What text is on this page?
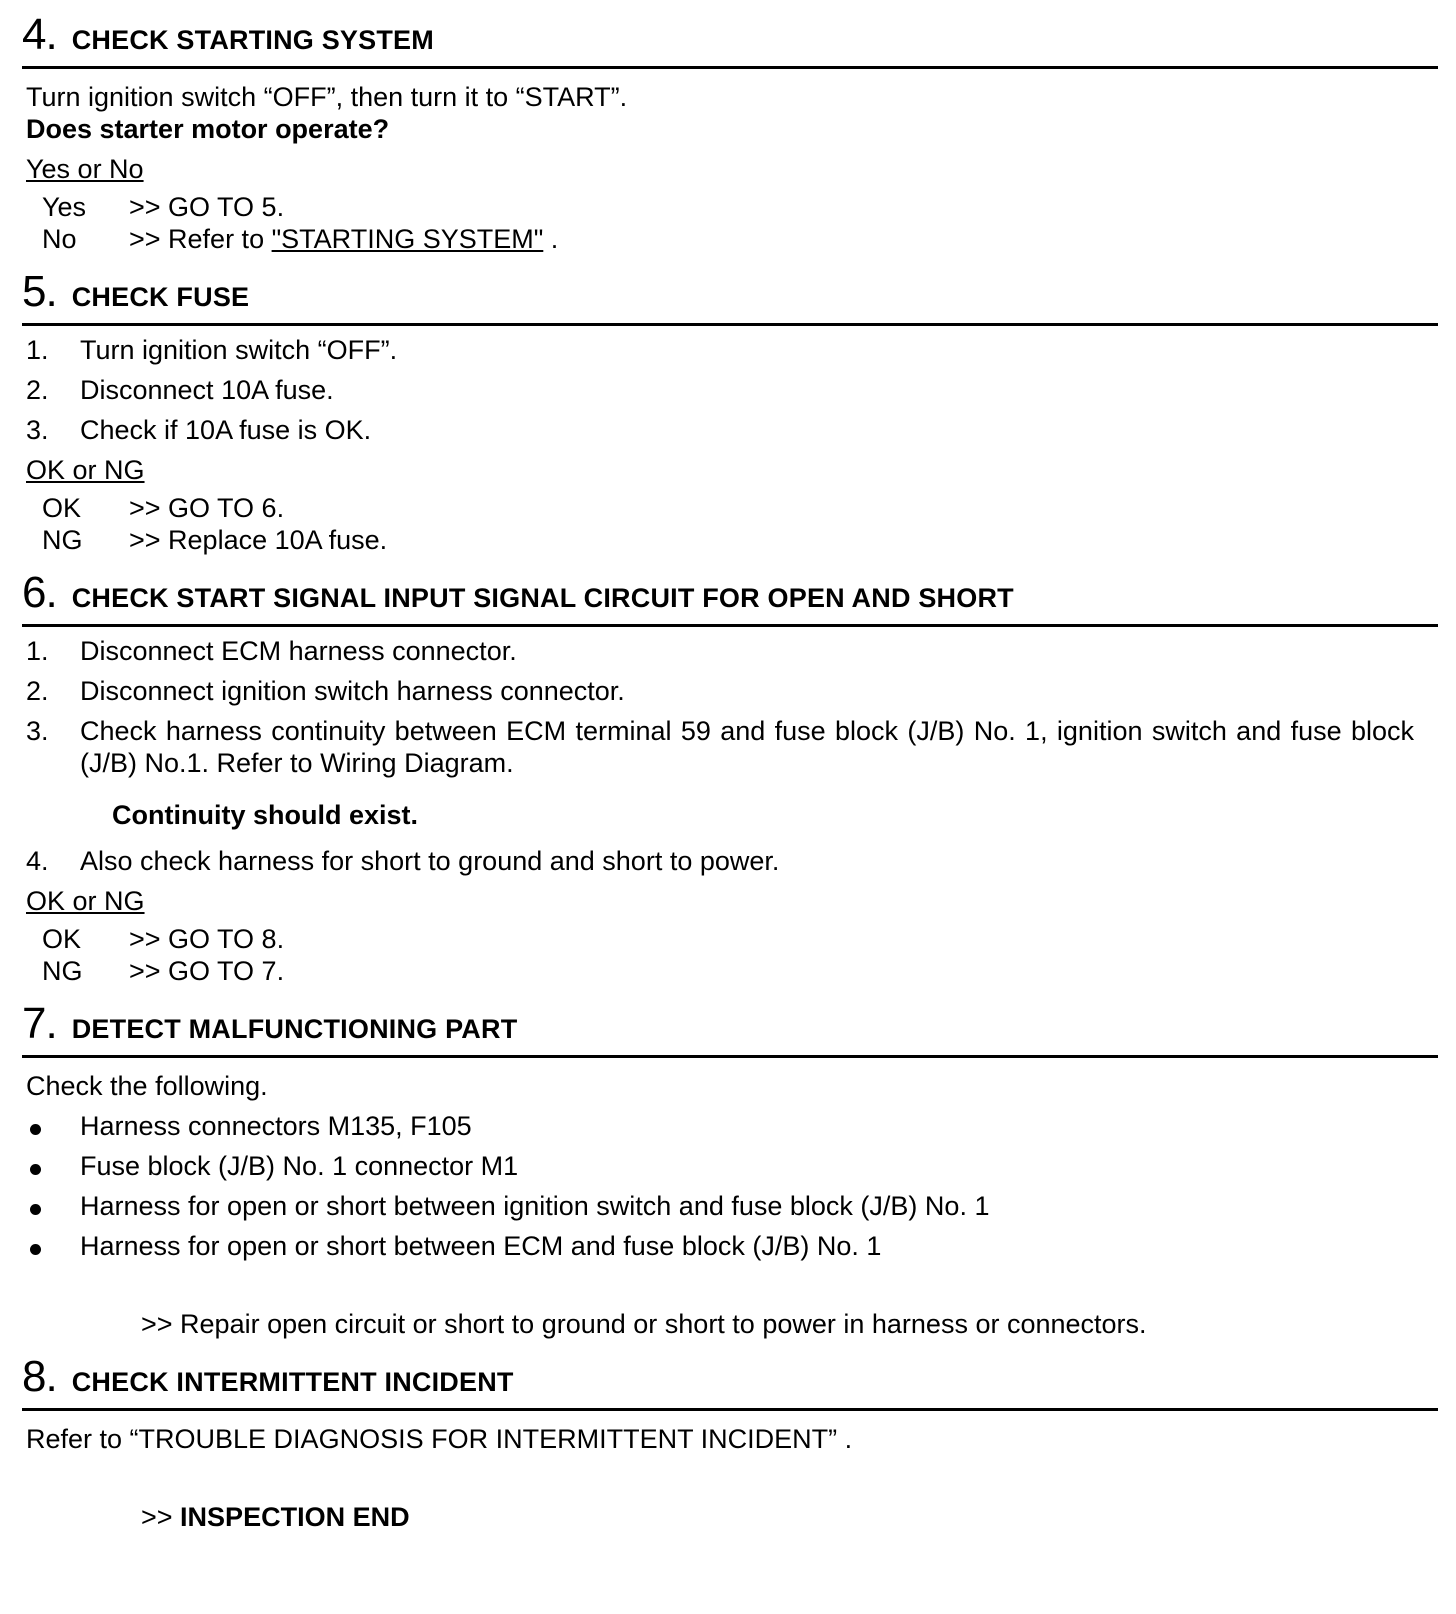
4 . CHECK STARTING SYSTEM
Turn ignition switch “OFF”, then turn it to “START”.
Does starter motor operate?
Yes or No
Yes	>> GO TO 5.
No	>> Refer to "STARTING SYSTEM" .
5 . CHECK FUSE
1.	Turn ignition switch “OFF”.
2.	Disconnect 10A fuse.
3.	Check if 10A fuse is OK.
OK or NG
OK	>> GO TO 6.
NG	>> Replace 10A fuse.
6 . CHECK START SIGNAL INPUT SIGNAL CIRCUIT FOR OPEN AND SHORT
1.	Disconnect ECM harness connector.
2.	Disconnect ignition switch harness connector.
3.	Check harness continuity between ECM terminal 59 and fuse block (J/B) No. 1, ignition switch and fuse block (J/B) No.1. Refer to Wiring Diagram.
Continuity should exist.
4.	Also check harness for short to ground and short to power.
OK or NG
OK	>> GO TO 8.
NG	>> GO TO 7.
7 . DETECT MALFUNCTIONING PART
Check the following.
Harness connectors M135, F105
Fuse block (J/B) No. 1 connector M1
Harness for open or short between ignition switch and fuse block (J/B) No. 1
Harness for open or short between ECM and fuse block (J/B) No. 1
>> Repair open circuit or short to ground or short to power in harness or connectors.
8 . CHECK INTERMITTENT INCIDENT
Refer to “TROUBLE DIAGNOSIS FOR INTERMITTENT INCIDENT” .
>> INSPECTION END
